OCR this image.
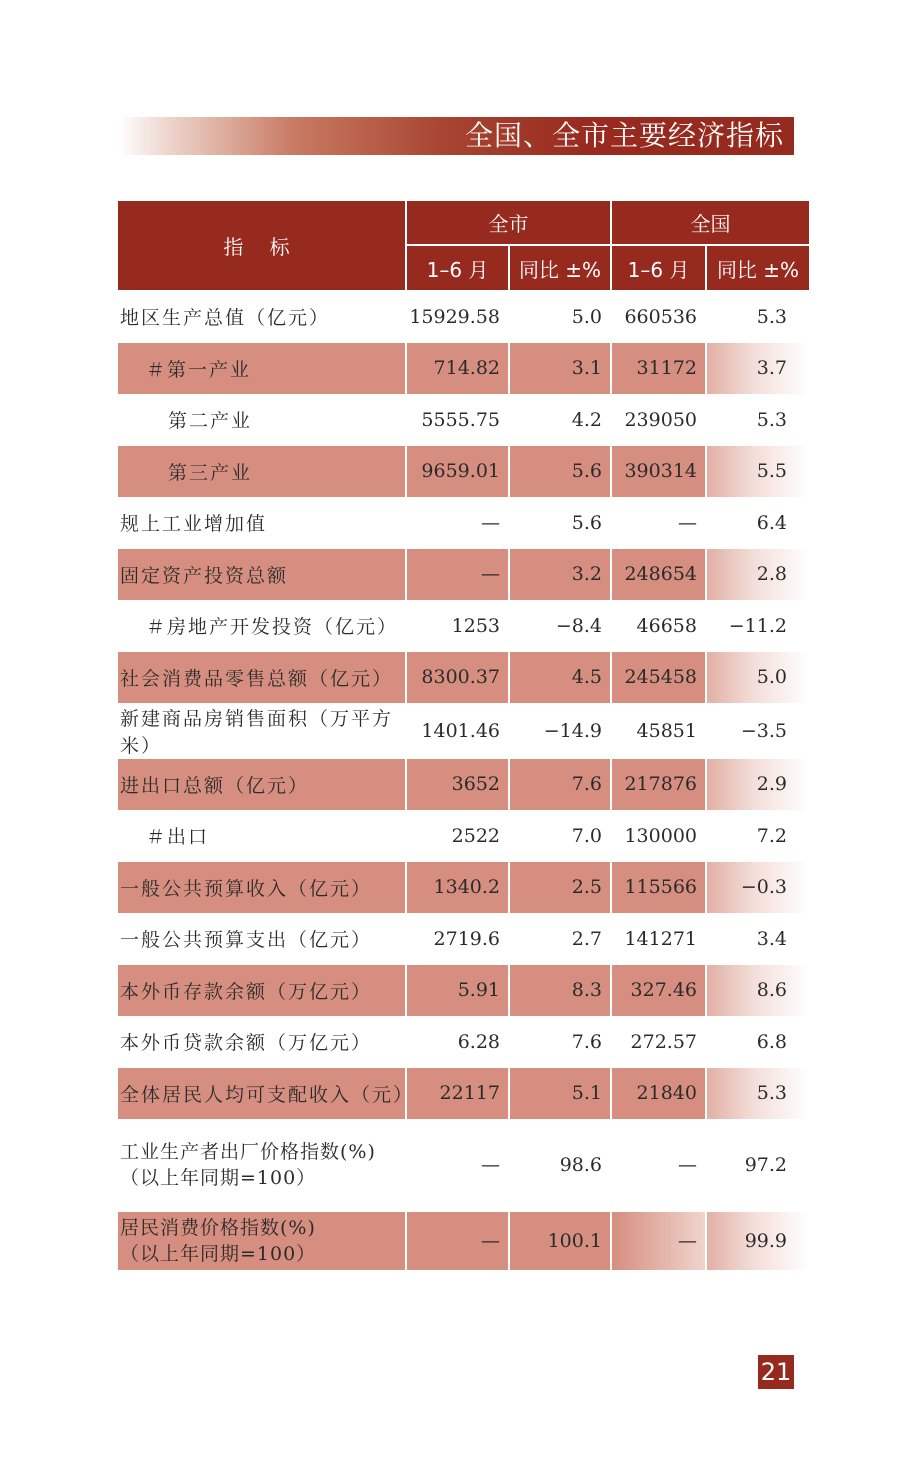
全国、全市主要经济指标
指 标	全市		全国	
	1–6 月	同比 ±%	1–6 月	同比 ±%
地区生产总值（亿元）	15929.58	5.0	660536	5.3
＃第一产业	714.82	3.1	31172	3.7
第二产业	5555.75	4.2	239050	5.3
第三产业	9659.01	5.6	390314	5.5
规上工业增加值	—	5.6	—	6.4
固定资产投资总额	—	3.2	248654	2.8
＃房地产开发投资（亿元）	1253	−8.4	46658	−11.2
社会消费品零售总额（亿元）	8300.37	4.5	245458	5.0
新建商品房销售面积（万平方米）	1401.46	−14.9	45851	−3.5
进出口总额（亿元）	3652	7.6	217876	2.9
＃出口	2522	7.0	130000	7.2
一般公共预算收入（亿元）	1340.2	2.5	115566	−0.3
一般公共预算支出（亿元）	2719.6	2.7	141271	3.4
本外币存款余额（万亿元）	5.91	8.3	327.46	8.6
本外币贷款余额（万亿元）	6.28	7.6	272.57	6.8
全体居民人均可支配收入（元）	22117	5.1	21840	5.3
工业生产者出厂价格指数(%)
（以上年同期=100）	—	98.6	—	97.2
居民消费价格指数(%)
（以上年同期=100）	—	100.1	—	99.9
21
